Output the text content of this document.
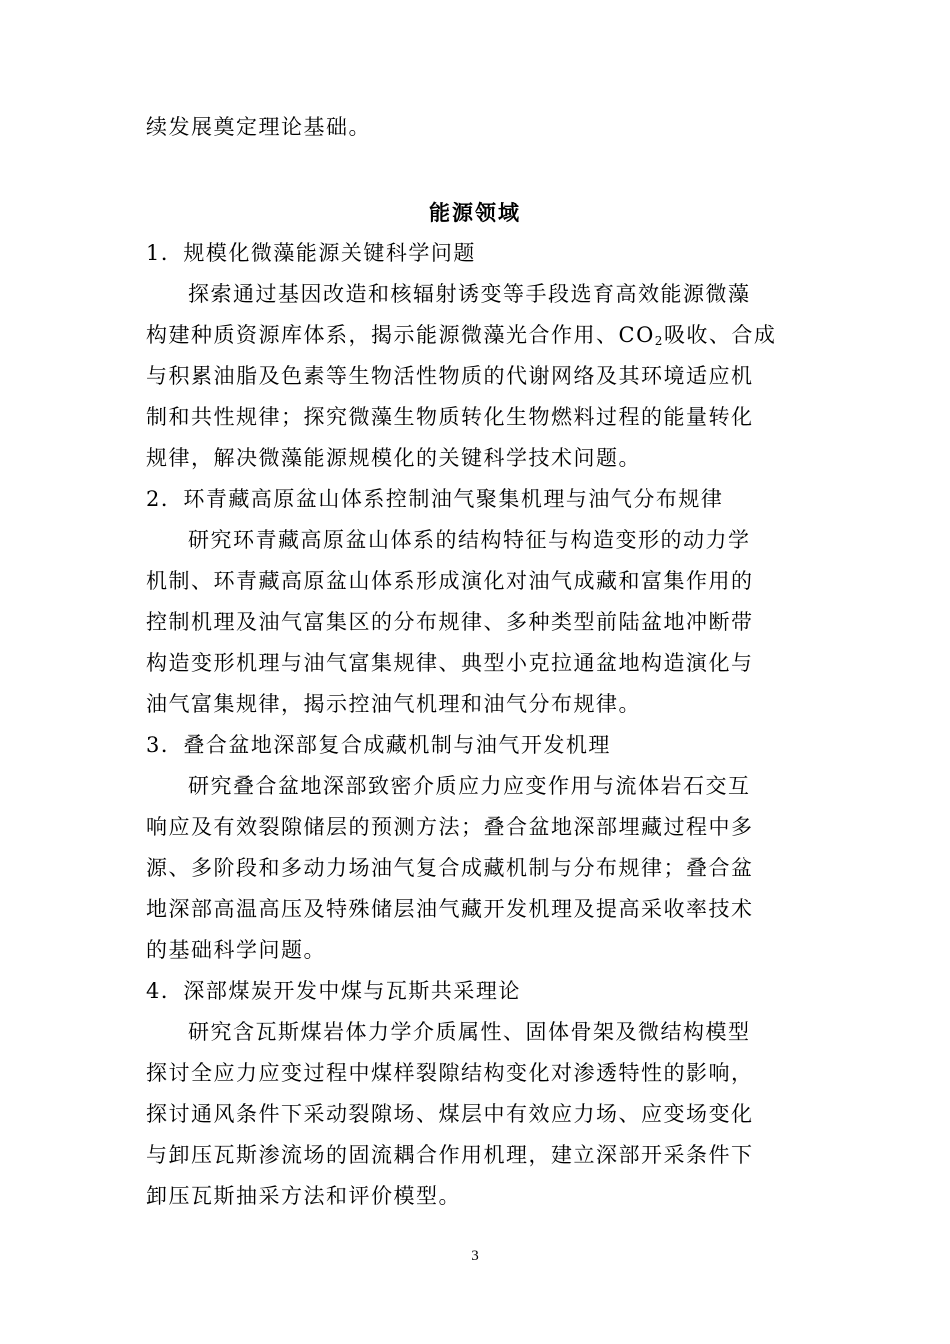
续发展奠定理论基础。
能源领域
1．规模化微藻能源关键科学问题
探索通过基因改造和核辐射诱变等手段选育高效能源微藻
构建种质资源库体系，揭示能源微藻光合作用、$CO_2$吸收、合成
与积累油脂及色素等生物活性物质的代谢网络及其环境适应机
制和共性规律；探究微藻生物质转化生物燃料过程的能量转化
规律，解决微藻能源规模化的关键科学技术问题。
2．环青藏高原盆山体系控制油气聚集机理与油气分布规律
研究环青藏高原盆山体系的结构特征与构造变形的动力学
机制、环青藏高原盆山体系形成演化对油气成藏和富集作用的
控制机理及油气富集区的分布规律、多种类型前陆盆地冲断带
构造变形机理与油气富集规律、典型小克拉通盆地构造演化与
油气富集规律，揭示控油气机理和油气分布规律。
3．叠合盆地深部复合成藏机制与油气开发机理
研究叠合盆地深部致密介质应力应变作用与流体岩石交互
响应及有效裂隙储层的预测方法；叠合盆地深部埋藏过程中多
源、多阶段和多动力场油气复合成藏机制与分布规律；叠合盆
地深部高温高压及特殊储层油气藏开发机理及提高采收率技术
的基础科学问题。
4．深部煤炭开发中煤与瓦斯共采理论
研究含瓦斯煤岩体力学介质属性、固体骨架及微结构模型
探讨全应力应变过程中煤样裂隙结构变化对渗透特性的影响，
探讨通风条件下采动裂隙场、煤层中有效应力场、应变场变化
与卸压瓦斯渗流场的固流耦合作用机理，建立深部开采条件下
卸压瓦斯抽采方法和评价模型。
3
